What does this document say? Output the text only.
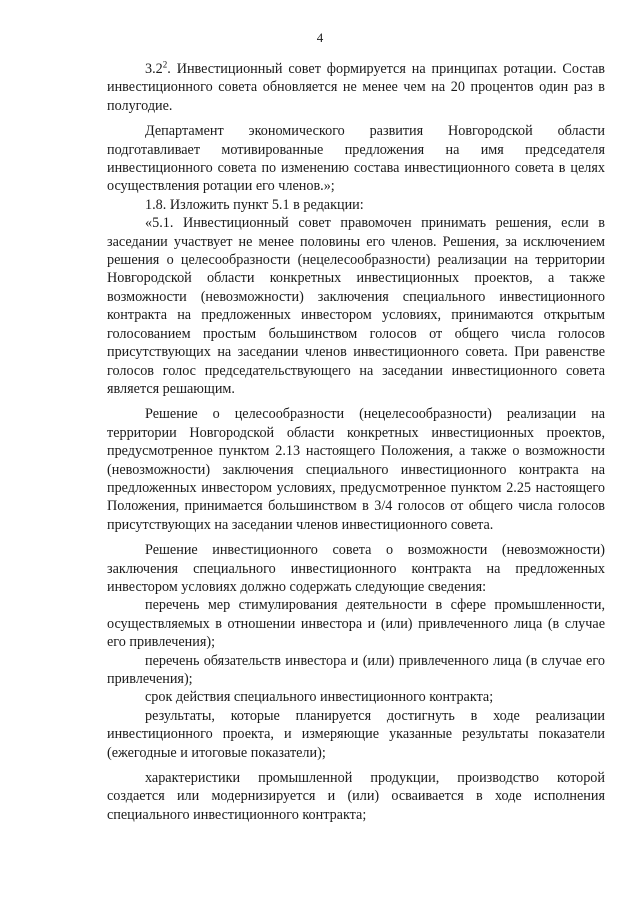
4

$3.2^2$. Инвестиционный совет формируется на принципах ротации. Состав инвестиционного совета обновляется не менее чем на 20 процентов один раз в полугодие.

Департамент экономического развития Новгородской области подготавливает мотивированные предложения на имя председателя инвестиционного совета по изменению состава инвестиционного совета в целях осуществления ротации его членов.»;

1.8. Изложить пункт 5.1 в редакции:

«5.1. Инвестиционный совет правомочен принимать решения, если в заседании участвует не менее половины его членов. Решения, за исключением решения о целесообразности (нецелесообразности) реализации на территории Новгородской области конкретных инвестиционных проектов, а также возможности (невозможности) заключения специального инвестиционного контракта на предложенных инвестором условиях, принимаются открытым голосованием простым большинством голосов от общего числа голосов присутствующих на заседании членов инвестиционного совета. При равенстве голосов голос председательствующего на заседании инвестиционного совета является решающим.

Решение о целесообразности (нецелесообразности) реализации на территории Новгородской области конкретных инвестиционных проектов, предусмотренное пунктом 2.13 настоящего Положения, а также о возможности (невозможности) заключения специального инвестиционного контракта на предложенных инвестором условиях, предусмотренное пунктом 2.25 настоящего Положения, принимается большинством в 3/4 голосов от общего числа голосов присутствующих на заседании членов инвестиционного совета.

Решение инвестиционного совета о возможности (невозможности) заключения специального инвестиционного контракта на предложенных инвестором условиях должно содержать следующие сведения:

перечень мер стимулирования деятельности в сфере промышленности, осуществляемых в отношении инвестора и (или) привлеченного лица (в случае его привлечения);

перечень обязательств инвестора и (или) привлеченного лица (в случае его привлечения);

срок действия специального инвестиционного контракта;

результаты, которые планируется достигнуть в ходе реализации инвестиционного проекта, и измеряющие указанные результаты показатели (ежегодные и итоговые показатели);

характеристики промышленной продукции, производство которой создается или модернизируется и (или) осваивается в ходе исполнения специального инвестиционного контракта;
